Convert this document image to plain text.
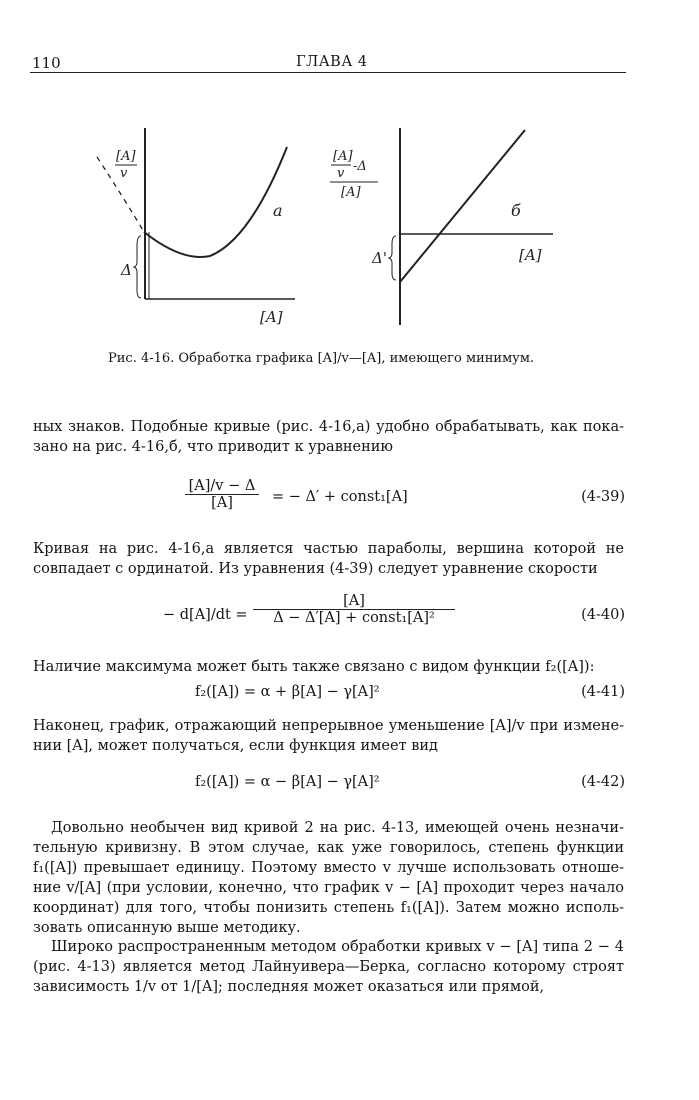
110	ГЛАВА 4
[A]
v
Δ
[A]
a
[A]
v -Δ
[A]
Δ'	[A]
б
Рис. 4-16. Обработка графика [A]/v—[A], имеющего минимум.
ных знаков. Подобные кривые (рис. 4-16,а) удобно обрабатывать, как пока-зано на рис. 4-16,б, что приводит к уравнению
$\frac{[A]/v - \Delta}{[A]}$ = − Δ′ + const₁[A]	(4-39)
Кривая на рис. 4-16,а является частью параболы, вершина которой не совпадает с ординатой. Из уравнения (4-39) следует уравнение скорости
− d[A]/dt =
[A]
Δ − Δ′[A] + const₁[A]²	(4-40)
Наличие максимума может быть также связано с видом функции f₂([A]):
f₂([A]) = α + β[A] − γ[A]²	(4-41)
Наконец, график, отражающий непрерывное уменьшение [A]/v при измене-нии [A], может получаться, если функция имеет вид
f₂([A]) = α − β[A] − γ[A]²	(4-42)
Довольно необычен вид кривой 2 на рис. 4-13, имеющей очень незначи-тельную кривизну. В этом случае, как уже говорилось, степень функции f₁([A]) превышает единицу. Поэтому вместо v лучше использовать отноше-ние v/[A] (при условии, конечно, что график v − [A] проходит через начало координат) для того, чтобы понизить степень f₁([A]). Затем можно исполь-зовать описанную выше методику.
Широко распространенным методом обработки кривых v − [A] типа 2 − 4 (рис. 4-13) является метод Лайнуивера—Берка, согласно которому строят зависимость 1/v от 1/[A]; последняя может оказаться или прямой,
